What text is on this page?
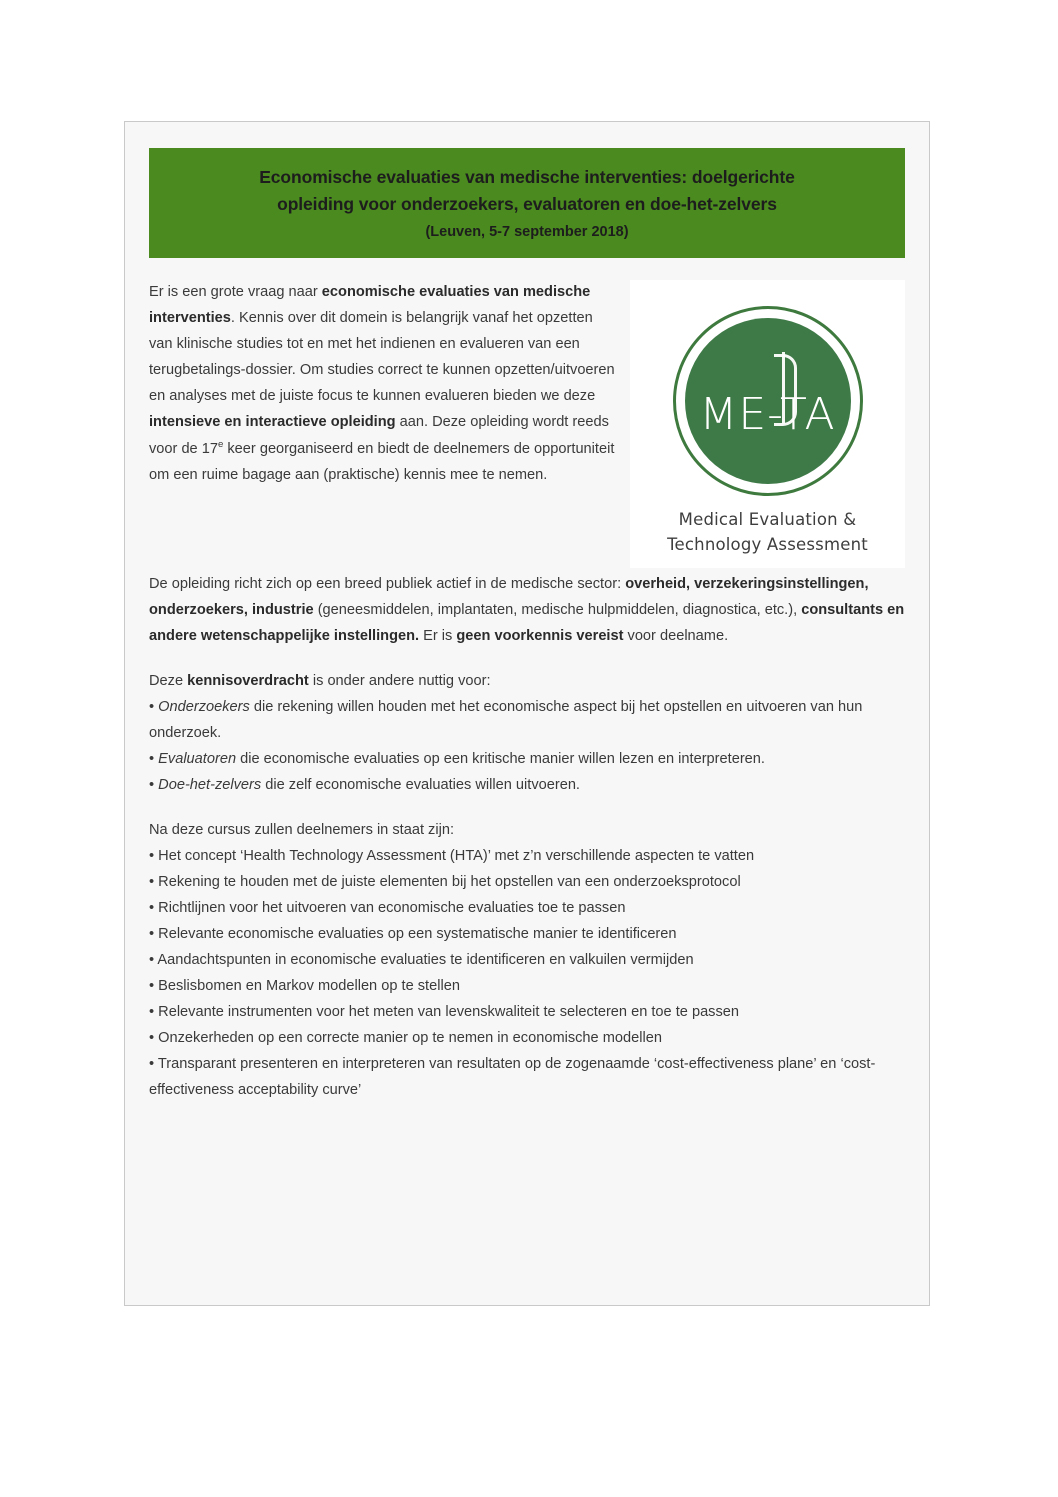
Economische evaluaties van medische interventies: doelgerichte
opleiding voor onderzoekers, evaluatoren en doe-het-zelvers
(Leuven, 5-7 september 2018)
ME-TA
Medical Evaluation &
Technology Assessment

Er is een grote vraag naar economische evaluaties van medische interventies. Kennis over dit domein is belangrijk vanaf het opzetten van klinische studies tot en met het indienen en evalueren van een terugbetalings-dossier. Om studies correct te kunnen opzetten/uitvoeren en analyses met de juiste focus te kunnen evalueren bieden we deze intensieve en interactieve opleiding aan. Deze opleiding wordt reeds voor de 17e keer georganiseerd en biedt de deelnemers de opportuniteit om een ruime bagage aan (praktische) kennis mee te nemen.

De opleiding richt zich op een breed publiek actief in de medische sector: overheid, verzekeringsinstellingen, onderzoekers, industrie (geneesmiddelen, implantaten, medische hulpmiddelen, diagnostica, etc.), consultants en andere wetenschappelijke instellingen. Er is geen voorkennis vereist voor deelname.

Deze kennisoverdracht is onder andere nuttig voor:

• Onderzoekers die rekening willen houden met het economische aspect bij het opstellen en uitvoeren van hun onderzoek.

• Evaluatoren die economische evaluaties op een kritische manier willen lezen en interpreteren.

• Doe-het-zelvers die zelf economische evaluaties willen uitvoeren.

Na deze cursus zullen deelnemers in staat zijn:

• Het concept ‘Health Technology Assessment (HTA)’ met z’n verschillende aspecten te vatten

• Rekening te houden met de juiste elementen bij het opstellen van een onderzoeksprotocol

• Richtlijnen voor het uitvoeren van economische evaluaties toe te passen

• Relevante economische evaluaties op een systematische manier te identificeren

• Aandachtspunten in economische evaluaties te identificeren en valkuilen vermijden

• Beslisbomen en Markov modellen op te stellen

• Relevante instrumenten voor het meten van levenskwaliteit te selecteren en toe te passen

• Onzekerheden op een correcte manier op te nemen in economische modellen

• Transparant presenteren en interpreteren van resultaten op de zogenaamde ‘cost-effectiveness plane’ en ‘cost-effectiveness acceptability curve’
